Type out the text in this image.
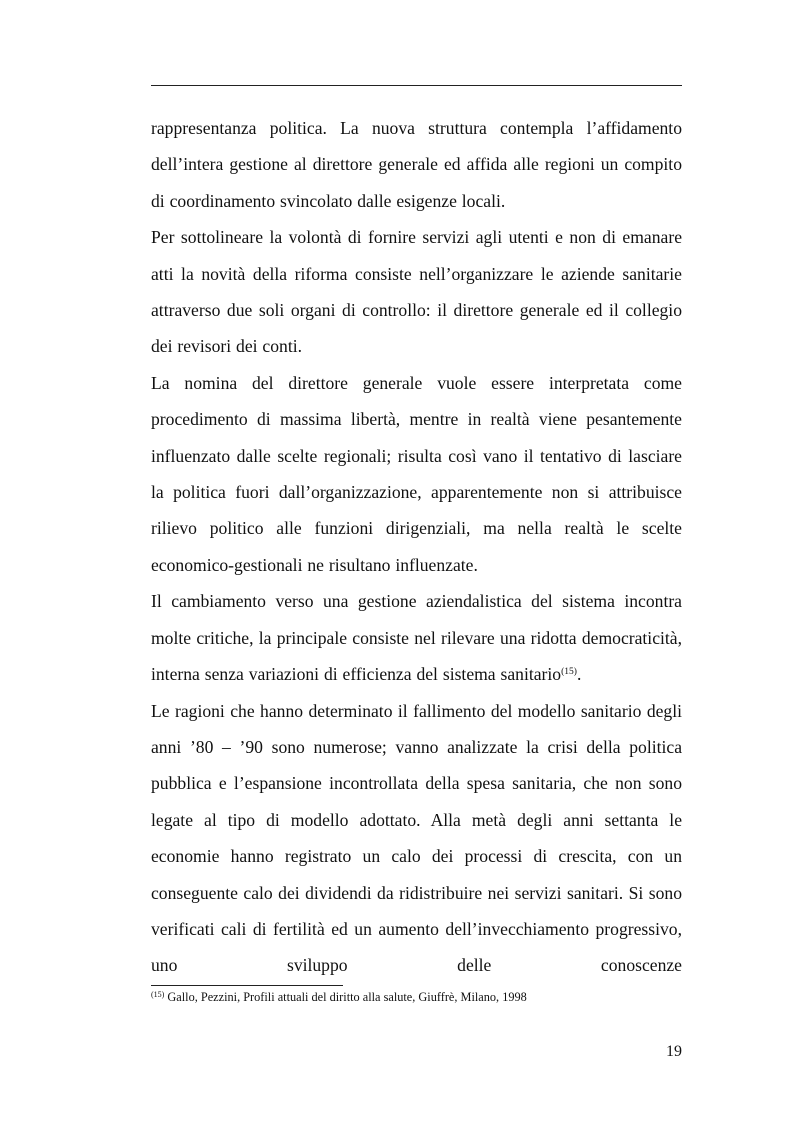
rappresentanza politica. La nuova struttura contempla l’affidamento dell’intera gestione al direttore generale ed affida alle regioni un compito di coordinamento svincolato dalle esigenze locali.

Per sottolineare la volontà di fornire servizi agli utenti e non di emanare atti la novità della riforma consiste nell’organizzare le aziende sanitarie attraverso due soli organi di controllo: il direttore generale ed il collegio dei revisori dei conti.

La nomina del direttore generale vuole essere interpretata come procedimento di massima libertà, mentre in realtà viene pesantemente influenzato dalle scelte regionali; risulta così vano il tentativo di lasciare la politica fuori dall’organizzazione, apparentemente non si attribuisce rilievo politico alle funzioni dirigenziali, ma nella realtà le scelte economico-gestionali ne risultano influenzate.

Il cambiamento verso una gestione aziendalistica del sistema incontra molte critiche, la principale consiste nel rilevare una ridotta democraticità, interna senza variazioni di efficienza del sistema sanitario$^{(15)}$.

Le ragioni che hanno determinato il fallimento del modello sanitario degli anni ’80 – ’90 sono numerose; vanno analizzate la crisi della politica pubblica e l’espansione incontrollata della spesa sanitaria, che non sono legate al tipo di modello adottato. Alla metà degli anni settanta le economie hanno registrato un calo dei processi di crescita, con un conseguente calo dei dividendi da ridistribuire nei servizi sanitari. Si sono verificati cali di fertilità ed un aumento dell’invecchiamento progressivo, uno sviluppo delle conoscenze

$^{(15)}$ Gallo, Pezzini, Profili attuali del diritto alla salute, Giuffrè, Milano, 1998
19
